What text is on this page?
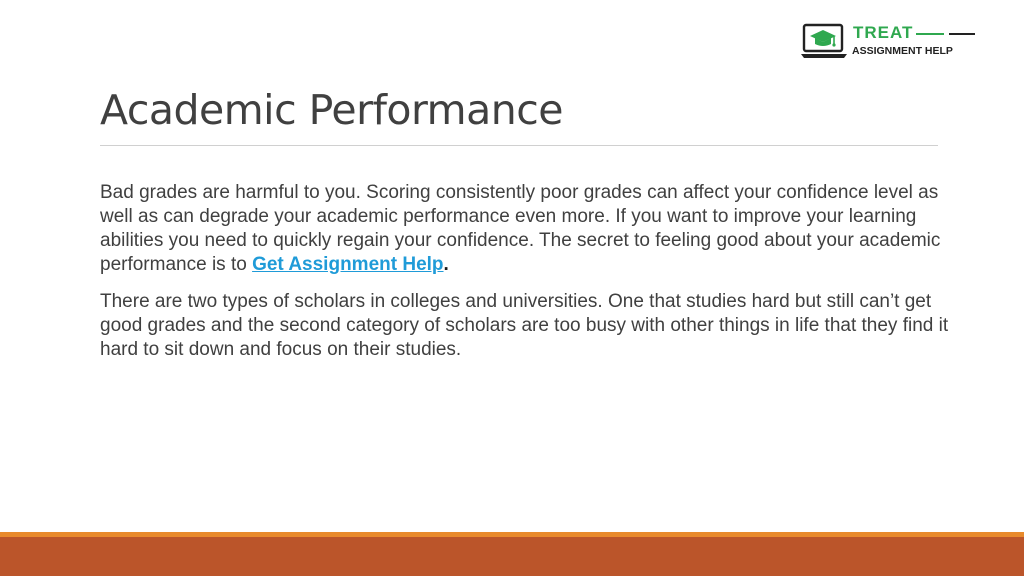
TREAT
ASSIGNMENT HELP
Academic Performance

Bad grades are harmful to you. Scoring consistently poor grades can affect your confidence level as well as can degrade your academic performance even more. If you want to improve your learning abilities you need to quickly regain your confidence. The secret to feeling good about your academic performance is to Get Assignment Help.

There are two types of scholars in colleges and universities. One that studies hard but still can’t get good grades and the second category of scholars are too busy with other things in life that they find it hard to sit down and focus on their studies.
